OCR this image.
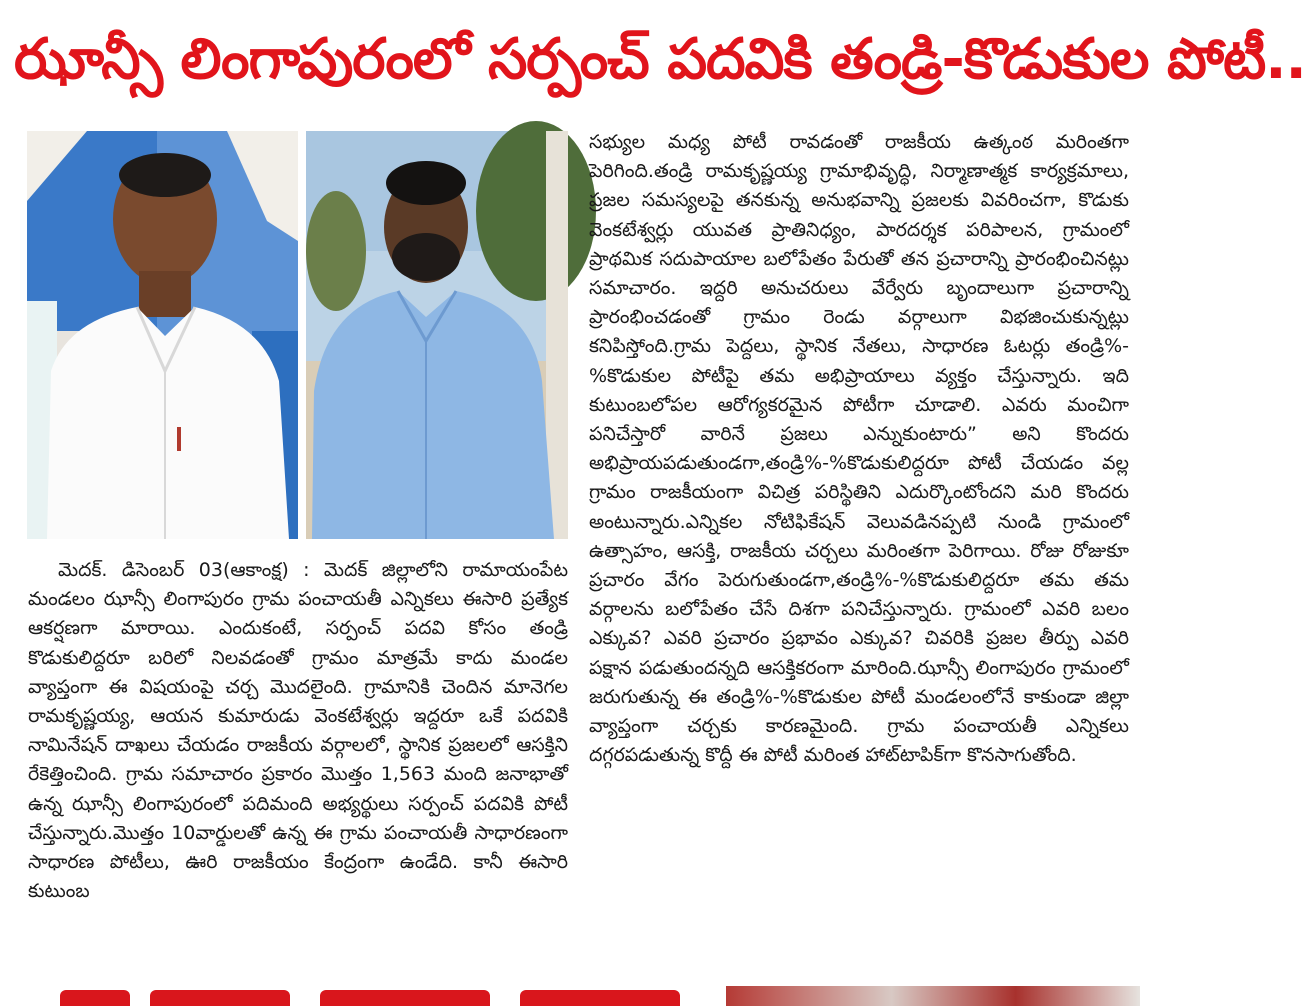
ఝాన్సీ లింగాపురంలో సర్పంచ్ పదవికి తండ్రి-కొడుకుల పోటీ..
మెదక్. డిసెంబర్ 03(ఆకాంక్ష) : మెదక్ జిల్లాలోని రామాయంపేట మండలం ఝాన్సీ లింగాపురం గ్రామ పంచాయతీ ఎన్నికలు ఈసారి ప్రత్యేక ఆకర్షణగా మారాయి. ఎందుకంటే, సర్పంచ్ పదవి కోసం తండ్రి కొడుకులిద్దరూ బరిలో నిలవడంతో గ్రామం మాత్రమే కాదు మండల వ్యాప్తంగా ఈ విషయంపై చర్చ మొదలైంది. గ్రామానికి చెందిన మానెగల రామకృష్ణయ్య, ఆయన కుమారుడు వెంకటేశ్వర్లు ఇద్దరూ ఒకే పదవికి నామినేషన్ దాఖలు చేయడం రాజకీయ వర్గాలలో, స్థానిక ప్రజలలో ఆసక్తిని రేకెత్తించింది. గ్రామ సమాచారం ప్రకారం మొత్తం 1,563 మంది జనాభాతో ఉన్న ఝాన్సీ లింగాపురంలో పదిమంది అభ్యర్థులు సర్పంచ్ పదవికి పోటీ చేస్తున్నారు.మొత్తం 10వార్డులతో ఉన్న ఈ గ్రామ పంచాయతీ సాధారణంగా సాధారణ పోటీలు, ఊరి రాజకీయం కేంద్రంగా ఉండేది. కానీ ఈసారి కుటుంబ
సభ్యుల మధ్య పోటీ రావడంతో రాజకీయ ఉత్కంఠ మరింతగా పెరిగింది.తండ్రి రామకృష్ణయ్య గ్రామాభివృద్ధి, నిర్మాణాత్మక కార్యక్రమాలు, ప్రజల సమస్యలపై తనకున్న అనుభవాన్ని ప్రజలకు వివరించగా, కొడుకు వెంకటేశ్వర్లు యువత ప్రాతినిధ్యం, పారదర్శక పరిపాలన, గ్రామంలో ప్రాథమిక సదుపాయాల బలోపేతం పేరుతో తన ప్రచారాన్ని ప్రారంభించినట్లు సమాచారం. ఇద్దరి అనుచరులు వేర్వేరు బృందాలుగా ప్రచారాన్ని ప్రారంభించడంతో గ్రామం రెండు వర్గాలుగా విభజించుకున్నట్లు కనిపిస్తోంది.గ్రామ పెద్దలు, స్థానిక నేతలు, సాధారణ ఓటర్లు తండ్రి%-%కొడుకుల పోటీపై తమ అభిప్రాయాలు వ్యక్తం చేస్తున్నారు. ఇది కుటుంబలోపల ఆరోగ్యకరమైన పోటీగా చూడాలి. ఎవరు మంచిగా పనిచేస్తారో వారినే ప్రజలు ఎన్నుకుంటారు” అని కొందరు అభిప్రాయపడుతుండగా,తండ్రి%-%కొడుకులిద్దరూ పోటీ చేయడం వల్ల గ్రామం రాజకీయంగా విచిత్ర పరిస్థితిని ఎదుర్కొంటోందని మరి కొందరు అంటున్నారు.ఎన్నికల నోటిఫికేషన్ వెలువడినప్పటి నుండి గ్రామంలో ఉత్సాహం, ఆసక్తి, రాజకీయ చర్చలు మరింతగా పెరిగాయి. రోజు రోజుకూ ప్రచారం వేగం పెరుగుతుండగా,తండ్రి%-%కొడుకులిద్దరూ తమ తమ వర్గాలను బలోపేతం చేసే దిశగా పనిచేస్తున్నారు. గ్రామంలో ఎవరి బలం ఎక్కువ? ఎవరి ప్రచారం ప్రభావం ఎక్కువ? చివరికి ప్రజల తీర్పు ఎవరి పక్షాన పడుతుందన్నది ఆసక్తికరంగా మారింది.ఝాన్సీ లింగాపురం గ్రామంలో జరుగుతున్న ఈ తండ్రి%-%కొడుకుల పోటీ మండలంలోనే కాకుండా జిల్లా వ్యాప్తంగా చర్చకు కారణమైంది. గ్రామ పంచాయతీ ఎన్నికలు దగ్గరపడుతున్న కొద్దీ ఈ పోటీ మరింత హాట్‌టాపిక్‌గా కొనసాగుతోంది.
